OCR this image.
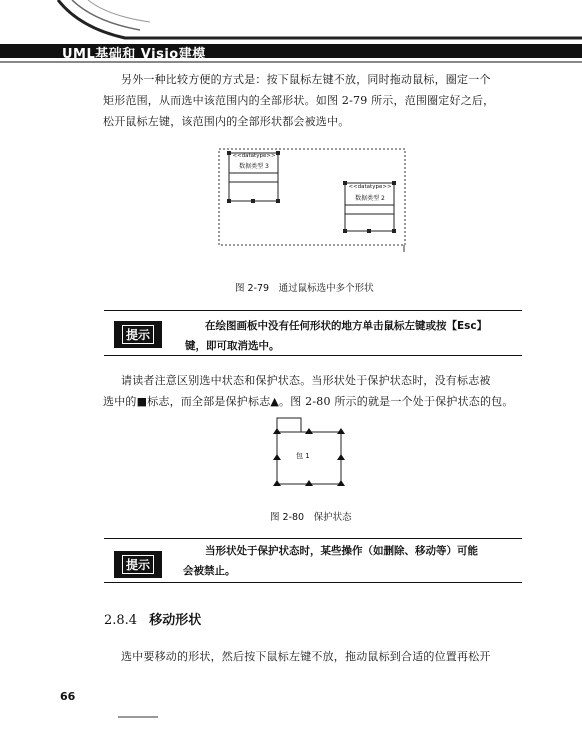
UML基础和 Visio建模
另外一种比较方便的方式是：按下鼠标左键不放，同时拖动鼠标，圈定一个
矩形范围，从而选中该范围内的全部形状。如图 2-79 所示，范围圈定好之后，
松开鼠标左键，该范围内的全部形状都会被选中。
<<datatype>>
数据类型 3
<<datatype>>
数据类型 2
图 2-79　通过鼠标选中多个形状
提示
在绘图画板中没有任何形状的地方单击鼠标左键或按【Esc】
键，即可取消选中。
请读者注意区别选中状态和保护状态。当形状处于保护状态时，没有标志被
选中的■标志，而全部是保护标志▲。图 2-80 所示的就是一个处于保护状态的包。
包 1
图 2-80　保护状态
提示
当形状处于保护状态时，某些操作（如删除、移动等）可能
会被禁止。
2.8.4 移动形状
选中要移动的形状，然后按下鼠标左键不放，拖动鼠标到合适的位置再松开
66
